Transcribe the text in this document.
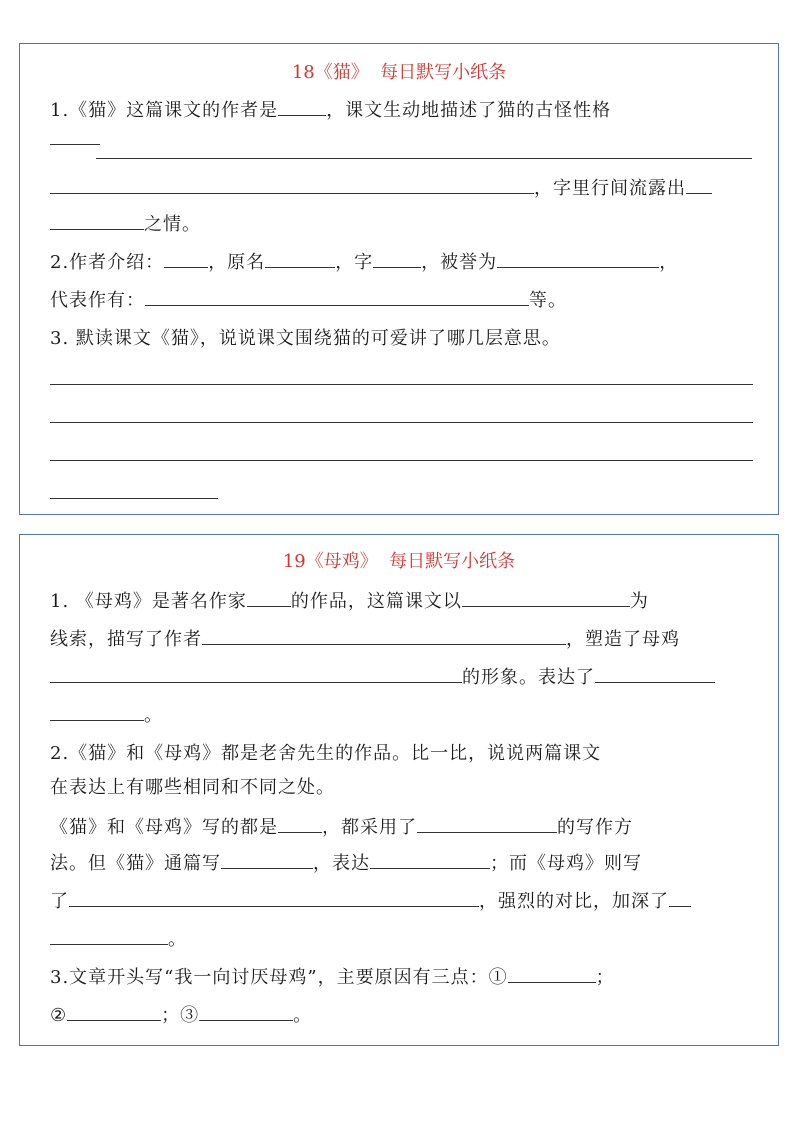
18《猫》  每日默写小纸条
1.《猫》这篇课文的作者是	，课文生动地描述了猫的古怪性格
，字里行间流露出
之情。
2.作者介绍： ，原名	，字	，被誉为	，
代表作有：	等。
3. 默读课文《猫》，说说课文围绕猫的可爱讲了哪几层意思。
19《母鸡》  每日默写小纸条
1. 《母鸡》是著名作家 的作品，这篇课文以	为
线索，描写了作者	，塑造了母鸡
的形象。表达了
。
2.《猫》和《母鸡》都是老舍先生的作品。比一比，说说两篇课文
在表达上有哪些相同和不同之处。
《猫》和《母鸡》写的都是 ，都采用了	的写作方
法。但《猫》通篇写	，表达	；而《母鸡》则写
了	，强烈的对比，加深了
。
3.文章开头写“我一向讨厌母鸡”，主要原因有三点：①	；
②	；③	。
